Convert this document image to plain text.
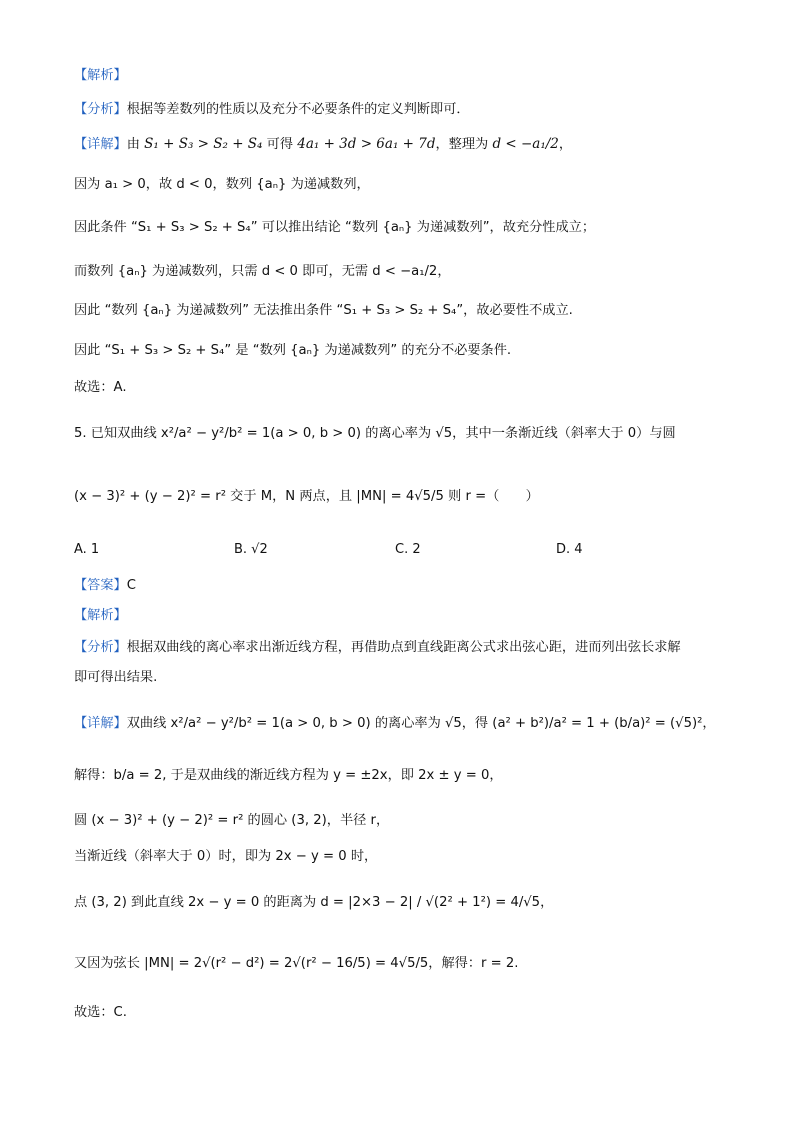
【解析】
【分析】根据等差数列的性质以及充分不必要条件的定义判断即可．
【详解】由 S₁ + S₃ > S₂ + S₄ 可得 4a₁ + 3d > 6a₁ + 7d，整理为 d < −a₁/2，
因为 a₁ > 0，故 d < 0，数列 {aₙ} 为递减数列，
因此条件 “S₁ + S₃ > S₂ + S₄” 可以推出结论 “数列 {aₙ} 为递减数列”，故充分性成立；
而数列 {aₙ} 为递减数列，只需 d < 0 即可，无需 d < −a₁/2，
因此 “数列 {aₙ} 为递减数列” 无法推出条件 “S₁ + S₃ > S₂ + S₄”，故必要性不成立.
因此 “S₁ + S₃ > S₂ + S₄” 是 “数列 {aₙ} 为递减数列” 的充分不必要条件.
故选：A.
5. 已知双曲线 x²/a² − y²/b² = 1(a > 0, b > 0) 的离心率为 √5，其中一条渐近线（斜率大于 0）与圆
(x − 3)² + (y − 2)² = r² 交于 M，N 两点，且 |MN| = 4√5/5 则 r =（　　）
A. 1	B. √2	C. 2	D. 4
【答案】C
【解析】
【分析】根据双曲线的离心率求出渐近线方程，再借助点到直线距离公式求出弦心距，进而列出弦长求解
即可得出结果.
【详解】双曲线 x²/a² − y²/b² = 1(a > 0, b > 0) 的离心率为 √5，得 (a² + b²)/a² = 1 + (b/a)² = (√5)²，
解得：b/a = 2, 于是双曲线的渐近线方程为 y = ±2x，即 2x ± y = 0，
圆 (x − 3)² + (y − 2)² = r² 的圆心 (3, 2)，半径 r，
当渐近线（斜率大于 0）时，即为 2x − y = 0 时，
点 (3, 2) 到此直线 2x − y = 0 的距离为 d = |2×3 − 2| / √(2² + 1²) = 4/√5，
又因为弦长 |MN| = 2√(r² − d²) = 2√(r² − 16/5) = 4√5/5，解得：r = 2.
故选：C.
